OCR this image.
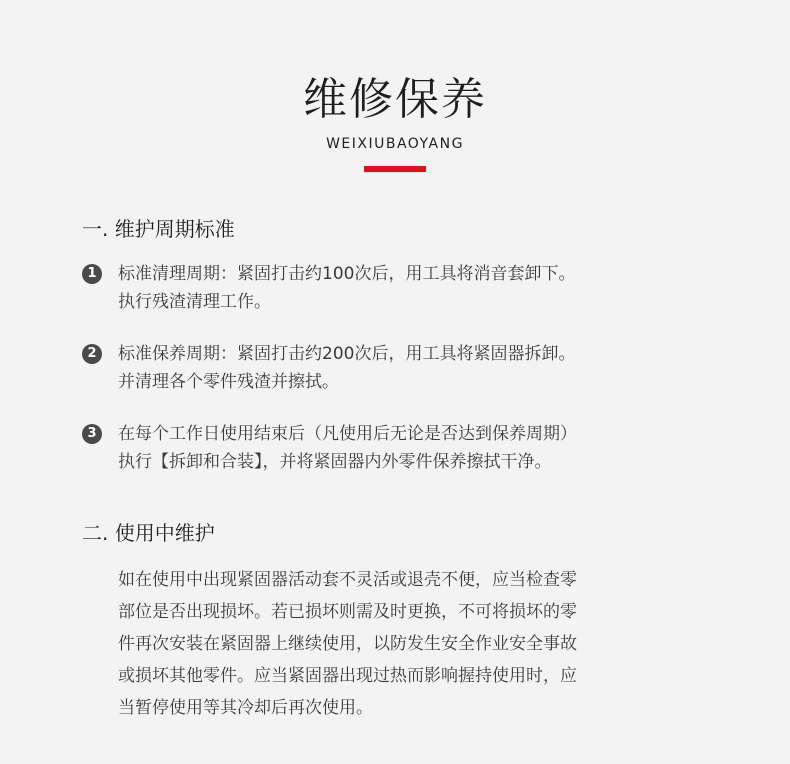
维修保养
WEIXIUBAOYANG
一. 维护周期标准
1	标准清理周期：紧固打击约100次后，用工具将消音套卸下。
执行残渣清理工作。
2	标准保养周期：紧固打击约200次后，用工具将紧固器拆卸。
并清理各个零件残渣并擦拭。
3	在每个工作日使用结束后（凡使用后无论是否达到保养周期）
执行【拆卸和合装】，并将紧固器内外零件保养擦拭干净。
二. 使用中维护
如在使用中出现紧固器活动套不灵活或退壳不便，应当检查零
部位是否出现损坏。若已损坏则需及时更换，不可将损坏的零
件再次安装在紧固器上继续使用，以防发生安全作业安全事故
或损坏其他零件。应当紧固器出现过热而影响握持使用时，应
当暂停使用等其冷却后再次使用。
